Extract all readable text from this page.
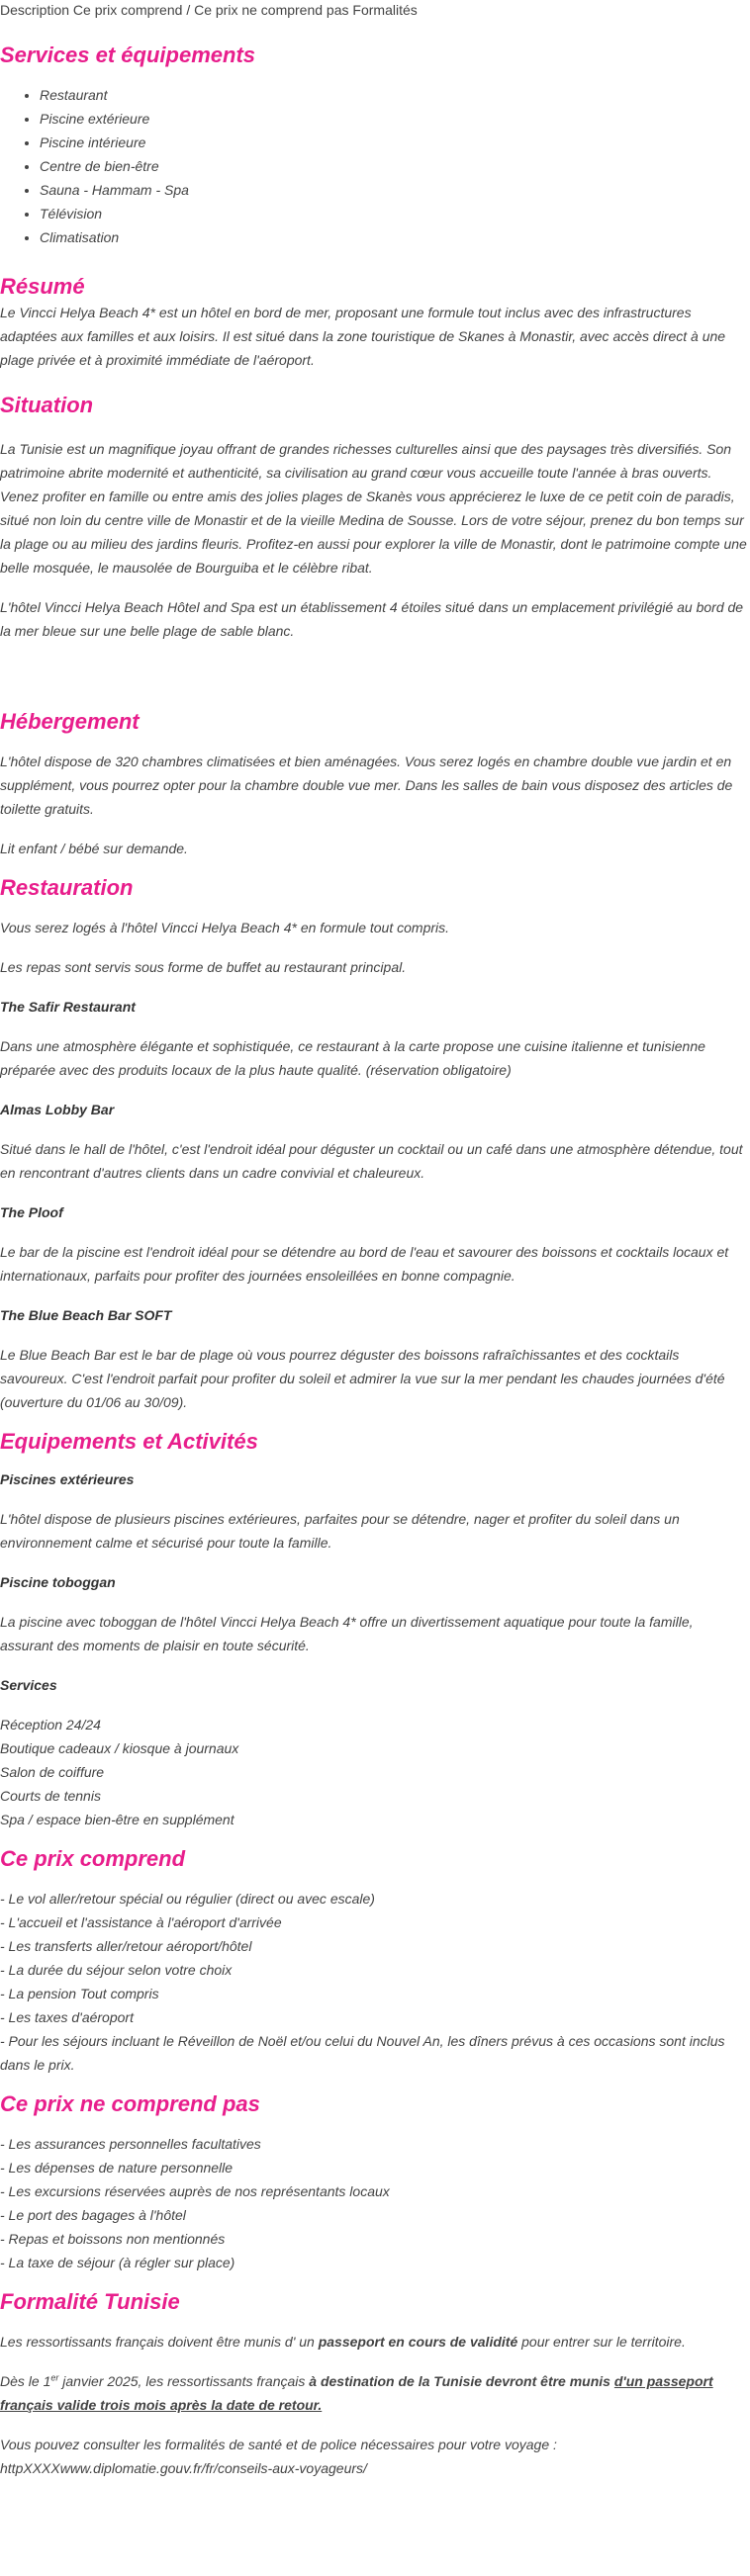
Description Ce prix comprend / Ce prix ne comprend pas Formalités
Services et équipements
• Restaurant
• Piscine extérieure
• Piscine intérieure
• Centre de bien-être
• Sauna - Hammam - Spa
• Télévision
• Climatisation
Résumé

Le Vincci Helya Beach 4* est un hôtel en bord de mer, proposant une formule tout inclus avec des infrastructures adaptées aux familles et aux loisirs. Il est situé dans la zone touristique de Skanes à Monastir, avec accès direct à une plage privée et à proximité immédiate de l'aéroport.

Situation

La Tunisie est un magnifique joyau offrant de grandes richesses culturelles ainsi que des paysages très diversifiés. Son patrimoine abrite modernité et authenticité, sa civilisation au grand cœur vous accueille toute l'année à bras ouverts. Venez profiter en famille ou entre amis des jolies plages de Skanès vous apprécierez le luxe de ce petit coin de paradis, situé non loin du centre ville de Monastir et de la vieille Medina de Sousse. Lors de votre séjour, prenez du bon temps sur la plage ou au milieu des jardins fleuris. Profitez-en aussi pour explorer la ville de Monastir, dont le patrimoine compte une belle mosquée, le mausolée de Bourguiba et le célèbre ribat.

L'hôtel Vincci Helya Beach Hôtel and Spa est un établissement 4 étoiles situé dans un emplacement privilégié au bord de la mer bleue sur une belle plage de sable blanc.

Hébergement

L'hôtel dispose de 320 chambres climatisées et bien aménagées. Vous serez logés en chambre double vue jardin et en supplément, vous pourrez opter pour la chambre double vue mer. Dans les salles de bain vous disposez des articles de toilette gratuits.

Lit enfant / bébé sur demande.

Restauration

Vous serez logés à l'hôtel Vincci Helya Beach 4* en formule tout compris.

Les repas sont servis sous forme de buffet au restaurant principal.

The Safir Restaurant

Dans une atmosphère élégante et sophistiquée, ce restaurant à la carte propose une cuisine italienne et tunisienne préparée avec des produits locaux de la plus haute qualité. (réservation obligatoire)

Almas Lobby Bar

Situé dans le hall de l'hôtel, c'est l'endroit idéal pour déguster un cocktail ou un café dans une atmosphère détendue, tout en rencontrant d'autres clients dans un cadre convivial et chaleureux.

The Ploof

Le bar de la piscine est l'endroit idéal pour se détendre au bord de l'eau et savourer des boissons et cocktails locaux et internationaux, parfaits pour profiter des journées ensoleillées en bonne compagnie.

The Blue Beach Bar SOFT

Le Blue Beach Bar est le bar de plage où vous pourrez déguster des boissons rafraîchissantes et des cocktails savoureux. C'est l'endroit parfait pour profiter du soleil et admirer la vue sur la mer pendant les chaudes journées d'été (ouverture du 01/06 au 30/09).

Equipements et Activités

Piscines extérieures

L'hôtel dispose de plusieurs piscines extérieures, parfaites pour se détendre, nager et profiter du soleil dans un environnement calme et sécurisé pour toute la famille.

Piscine toboggan

La piscine avec toboggan de l'hôtel Vincci Helya Beach 4* offre un divertissement aquatique pour toute la famille, assurant des moments de plaisir en toute sécurité.

Services

Réception 24/24
Boutique cadeaux / kiosque à journaux
Salon de coiffure
Courts de tennis
Spa / espace bien-être en supplément
Ce prix comprend
- Le vol aller/retour spécial ou régulier (direct ou avec escale)
- L'accueil et l'assistance à l'aéroport d'arrivée
- Les transferts aller/retour aéroport/hôtel
- La durée du séjour selon votre choix
- La pension Tout compris
- Les taxes d'aéroport
- Pour les séjours incluant le Réveillon de Noël et/ou celui du Nouvel An, les dîners prévus à ces occasions sont inclus dans le prix.
Ce prix ne comprend pas
- Les assurances personnelles facultatives
- Les dépenses de nature personnelle
- Les excursions réservées auprès de nos représentants locaux
- Le port des bagages à l'hôtel
- Repas et boissons non mentionnés
- La taxe de séjour (à régler sur place)
Formalité Tunisie

Les ressortissants français doivent être munis d' un passeport en cours de validité pour entrer sur le territoire.

Dès le 1er janvier 2025, les ressortissants français à destination de la Tunisie devront être munis d'un passeport français valide trois mois après la date de retour.

Vous pouvez consulter les formalités de santé et de police nécessaires pour votre voyage :

httpXXXXwww.diplomatie.gouv.fr/fr/conseils-aux-voyageurs/
